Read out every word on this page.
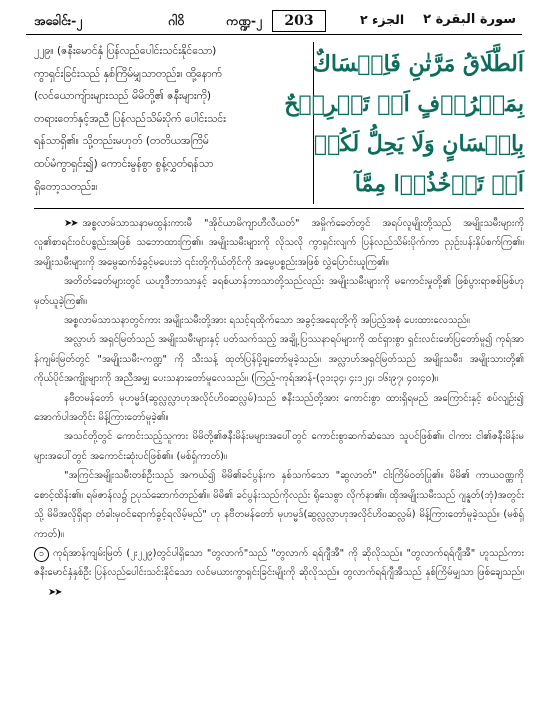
အခေါင်း-၂	ဂါဝိ	ကဏ္ဍ-၂	203	الجزء ٢ سورة البقرة ٢

၂၂၉။ (ဇနီးမောင်နှံ ပြန်လည်ပေါင်းသင်းနိုင်သော)

ကွာရှင်းခြင်းသည် နှစ်ကြိမ်မျှသာတည်း။ ထို့နောက်

(လင်ယောကျ်ားများသည် မိမိတို့၏ ဇနီးများကို)

တရားတော်နှင့်အညီ ပြန်လည်သိမ်းပိုက် ပေါင်းသင်း

ရန်သာရှိ၏။ သို့တည်းမဟုတ် (တတိယအကြိမ်

ထပ်မံကွာရှင်း၍) ကောင်းမွန်စွာ စွန့်လွှတ်ရန်သာ

ရှိတော့သတည်း။

اَلطَّلَاقُ مَرَّتٰنِ فَاِمۡسَاكٌ
بِمَعۡرُوۡفٍ اَوۡ تَسۡرِيۡحٌ
بِاِحۡسَانٍ وَلَا يَحِلُّ لَكُمۡ
اَنۡ تَاۡخُذُوۡا مِمَّآ

➤➤ အစ္စလာမ်သာသနာမထွန်းကားမီ "အိုင်ယာမိကျာဟီလီယတ်" အမှိုက်ခေတ်တွင် အရပ်လူမျိုးတို့သည် အမျိုးသမီးများကို လူ၏စာရင်းဝင်ပစ္စည်းအဖြစ် သဘောထားကြ၏။ အမျိုးသမီးများကို လိုသလို ကွာရှင်းလျက် ပြန်လည်သိမ်းပိုက်ကာ ညှဉ်းပန်းနှိပ်စက်ကြ၏။ အမျိုးသမီးများကို အမွေဆက်ခံခွင့်မပေးဘဲ ၎င်းတို့ကိုယ်တိုင်ကို အမွေပစ္စည်းအဖြစ် လွှဲပြောင်းယူကြ၏။

အတိတ်ခေတ်များတွင် ယဟူဒီဘာသာနှင့် ခရစ်ယာန်ဘာသာတို့သည်လည်း အမျိုးသမီးများကို မကောင်းမှုတို့၏ ဖြစ်ပွားရာဇစ်မြစ်ဟု မှတ်ယူခဲ့ကြ၏။

အစ္စလာမ်သာသနာတွင်ကား အမျိုးသမီးတို့အား ရသင့်ရထိုက်သော အခွင့်အရေးတို့ကို အပြည့်အစုံ ပေးထားလေသည်။

အလ္လာဟ် အရှင်မြတ်သည် အမျိုးသမီးများနှင့် ပတ်သက်သည့် အချို့ ပြဿနာရပ်များကို ထင်ရှားစွာ ရှင်းလင်းဖော်ပြတော်မူ၍ ကုရ်အာန်ကျမ်းမြတ်တွင် "အမျိုးသမီး-ကဏ္ဍ" ကို သီးသန့် ထုတ်ပြန်ပို့ချတော်မူခဲ့သည်။ အလ္လာဟ်အရှင်မြတ်သည် အမျိုးသမီး၊ အမျိုးသားတို့၏ ကိုယ်ပိုင်အကျိုးများကို အညီအမျှ ပေးသနားတော်မူလေသည်။ (ကြည့်-ကုရ်အာန်-(၃၁း၃၄၊ ၄း၁၂၄၊ ၁၆း၉၇၊ ၄၀း၄၀)။

နဗီတမန်တော် မုဟမ္မဒ်(ဆွလ္လလ္လာဟုအလိုင်ဟိဝဆလ္လမ်)သည် ဇနီးသည်တို့အား ကောင်းစွာ ထားရှိရမည် အကြောင်းနှင့် စပ်လျဉ်း၍ အောက်ပါအတိုင်း မိန့်ကြားတော်မူခဲ့၏။

အသင်တို့တွင် ကောင်းသည့်သူကား မိမိတို့၏ဇနီးမိန်းမများအပေါ်တွင် ကောင်းစွာဆက်ဆံသော သူပင်ဖြစ်၏။ ငါကား ငါ၏ဇနီးမိန်းမများအပေါ်တွင် အကောင်းဆုံးပင်ဖြစ်၏။ (မစ်ရှ်ကာတ်)။

"အကြင်အမျိုးသမီးတစ်ဦးသည် အကယ်၍ မိမိ၏ခင်ပွန်းက နှစ်သက်သော "ဆွလာတ်" ငါးကြိမ်ဝတ်ပြု၏။ မိမိ၏ ကာယဝဏ္ဏကို စောင့်ထိန်း၏။ ရမ်ဇာန်လ၌ ဥပုသ်ဆောက်တည်၏။ မိမိ၏ ခင်ပွန်းသည်ကိုလည်း ရိုသေစွာ လိုက်နာ၏။ ထိုအမျိုးသမီးသည် ဂျန္နတ်(ဘုံ)အတွင်းသို့ မိမိအလိုရှိရာ တံခါးမှဝင်ရောက်ခွင့်ရလိမ့်မည်" ဟု နဗီတမန်တော် မုဟမ္မဒ်(ဆွလ္လလ္လာဟုအလိုင်ဟိဝဆလ္လမ်) မိန့်ကြားတော်မူခဲ့သည်။ (မစ်ရှ်ကာတ်)။

၁ ကုရ်အာန်ကျမ်းမြတ် (၂း၂၂၉)တွင်ပါရှိသော "တွလာက်"သည် "တွလာက် ရရ်ဂျီအီ" ကို ဆိုလိုသည်။ "တွလာက်ရရ်ဂျီအီ" ဟူသည်ကား ဇနီးမောင်နှံနှစ်ဦး ပြန်လည်ပေါင်းသင်းနိုင်သော လင်မယားကွာရှင်းခြင်းမျိုးကို ဆိုလိုသည်။ တွလာက်ရရ်ဂျီအီသည် နှစ်ကြိမ်မျှသာ ဖြစ်ချေသည်။➤➤
